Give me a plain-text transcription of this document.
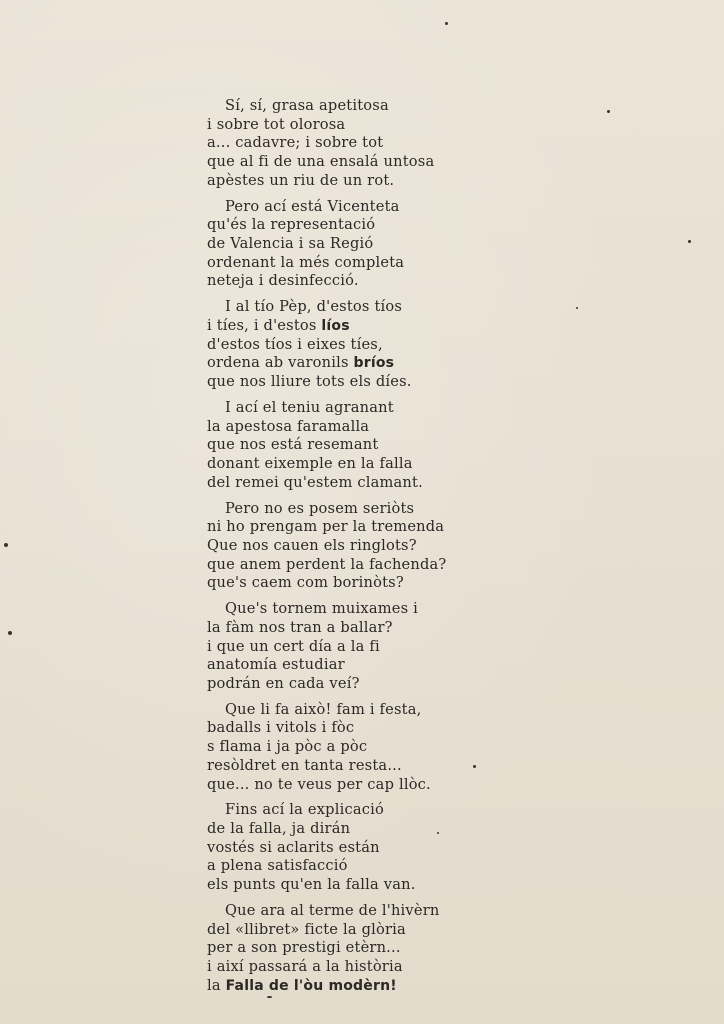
Sí, sí, grasa apetitosa
i sobre tot olorosa
a... cadavre; i sobre tot
que al fi de una ensalá untosa
apèstes un riu de un rot.
Pero ací está Vicenteta
qu'és la representació
de Valencia i sa Regió
ordenant la més completa
neteja i desinfecció.
I al tío Pèp, d'estos tíos
i tíes, i d'estos líos
d'estos tíos i eixes tíes,
ordena ab varonils bríos
que nos lliure tots els díes.
I ací el teniu agranant
la apestosa faramalla
que nos está resemant
donant eixemple en la falla
del remei qu'estem clamant.
Pero no es posem seriòts
ni ho prengam per la tremenda
Que nos cauen els ringlots?
que anem perdent la fachenda?
que's caem com borinòts?
Que's tornem muixames i
la fàm nos tran a ballar?
i que un cert día a la fi
anatomía estudiar
podrán en cada veí?
Que li fa això! fam i festa,
badalls i vitols i fòc
s flama i ja pòc a pòc
resòldret en tanta resta...
que... no te veus per cap llòc.
Fins ací la explicació
de la falla, ja dirán
vostés si aclarits están
a plena satisfacció
els punts qu'en la falla van.
Que ara al terme de l'hivèrn
del «llibret» ficte la glòria
per a son prestigi etèrn...
i així passará a la història
la Falla de l'òu modèrn!
